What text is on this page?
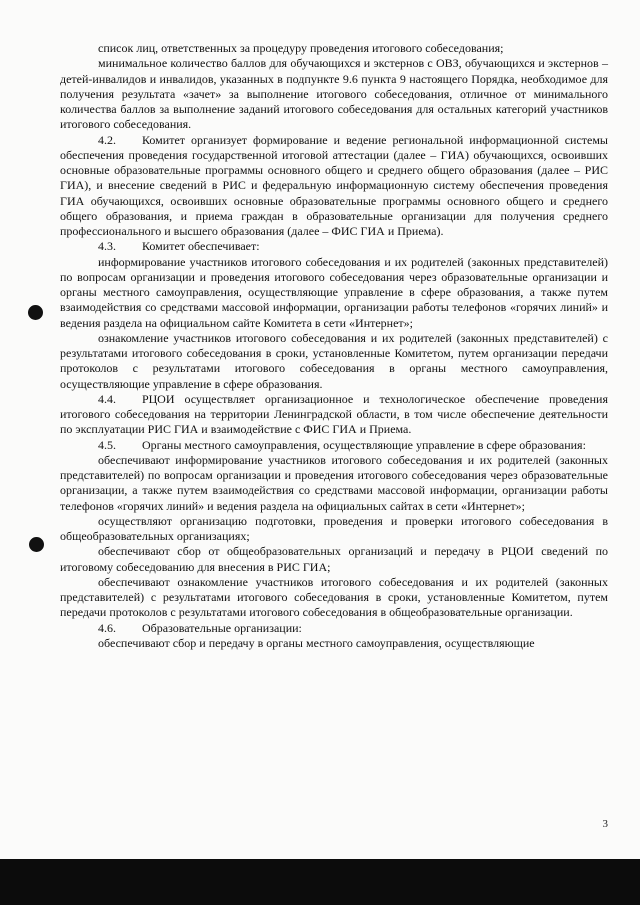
список лиц, ответственных за процедуру проведения итогового собеседования;

минимальное количество баллов для обучающихся и экстернов с ОВЗ, обучающихся и экстернов – детей-инвалидов и инвалидов, указанных в подпункте 9.6 пункта 9 настоящего Порядка, необходимое для получения результата «зачет» за выполнение итогового собеседования, отличное от минимального количества баллов за выполнение заданий итогового собеседования для остальных категорий участников итогового собеседования.

4.2. Комитет организует формирование и ведение региональной информационной системы обеспечения проведения государственной итоговой аттестации (далее – ГИА) обучающихся, освоивших основные образовательные программы основного общего и среднего общего образования (далее – РИС ГИА), и внесение сведений в РИС и федеральную информационную систему обеспечения проведения ГИА обучающихся, освоивших основные образовательные программы основного общего и среднего общего образования, и приема граждан в образовательные организации для получения среднего профессионального и высшего образования (далее – ФИС ГИА и Приема).

4.3. Комитет обеспечивает:

информирование участников итогового собеседования и их родителей (законных представителей) по вопросам организации и проведения итогового собеседования через образовательные организации и органы местного самоуправления, осуществляющие управление в сфере образования, а также путем взаимодействия со средствами массовой информации, организации работы телефонов «горячих линий» и ведения раздела на официальном сайте Комитета в сети «Интернет»;

ознакомление участников итогового собеседования и их родителей (законных представителей) с результатами итогового собеседования в сроки, установленные Комитетом, путем организации передачи протоколов с результатами итогового собеседования в органы местного самоуправления, осуществляющие управление в сфере образования.

4.4. РЦОИ осуществляет организационное и технологическое обеспечение проведения итогового собеседования на территории Ленинградской области, в том числе обеспечение деятельности по эксплуатации РИС ГИА и взаимодействие с ФИС ГИА и Приема.

4.5. Органы местного самоуправления, осуществляющие управление в сфере образования:

обеспечивают информирование участников итогового собеседования и их родителей (законных представителей) по вопросам организации и проведения итогового собеседования через образовательные организации, а также путем взаимодействия со средствами массовой информации, организации работы телефонов «горячих линий» и ведения раздела на официальных сайтах в сети «Интернет»;

осуществляют организацию подготовки, проведения и проверки итогового собеседования в общеобразовательных организациях;

обеспечивают сбор от общеобразовательных организаций и передачу в РЦОИ сведений по итоговому собеседованию для внесения в РИС ГИА;

обеспечивают ознакомление участников итогового собеседования и их родителей (законных представителей) с результатами итогового собеседования в сроки, установленные Комитетом, путем передачи протоколов с результатами итогового собеседования в общеобразовательные организации.

4.6. Образовательные организации:

обеспечивают сбор и передачу в органы местного самоуправления, осуществляющие

3
